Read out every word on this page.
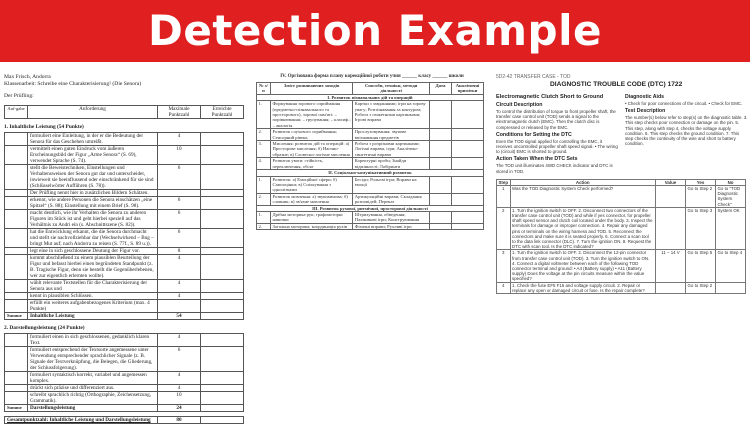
Detection Example
Max Frisch, Andorra
Klassenarbeit: Schreibe eine Charakterisierung! (Die Senora)
Der Prüfling:
Auf-gabe	Anforderung	Maximale Punktzahl	Erreichte Punktzahl
1. Inhaltliche Leistung (54 Punkte)
	formuliert eine Einleitung, in der er die Bedeutung der Senora für das Geschehen umreißt.	4	
	vermittelt einen guten Eindruck vom äußeren Erscheinungsbild der Figur „Arme Senora“ (S. 69), verwendet Sprache (S. 74).	10	
	stellt die Beweistechniken, Einstellungen und Verhaltensweisen der Senora gut dar und unterscheidet, inwieweit sie beeinflussend oder einschränkend für sie sind (Schlüsselwörter Aufführen (S. 78)).	6	
	Der Prüfling nennt hier in zusätzlichen Bildern Schätzen.		
	erkennt, wie andere Personen die Senora einschätzen „eine Spitzel“ (S. 88); Einstellung mit einem Brief (S. 98).	6	
	macht deutlich, wie ihr Verhalten die Senora zu anderen Figuren im Stück ist und geht hierbei speziell auf das Verhältnis zu Andri ein (s. Abschnittszene (S. 82)).	6	
	hat die Entwicklung erkannt, die die Senora durchmacht und stellt sie nachvollziehbar dar (Wechselwirkend – Bug – bringt Mut auf; nach Andorra zu reisen (S. 77f., S. 89 u.)).	6	
	legt eine in sich geschlossene Deutung der Figur vor.	8	
	kommt abschließend zu einem plausiblen Beurteilung der Figur und befasst hierbei einen begründeten Standpunkt (z. B. Tragische Figur, denn sie bestellt die Gegenüberlebenen, wer zur eigentlich erlernten wollte).	4	
	wählt relevante Textstellen für die Charakterisierung der Senora aus und	4	
	kennt in plausiblen Schlüssen.	4	
	erfüllt ein weiteres aufgabenbezogenes Kriterium (max. 4 Punkte)		
Summe	Inhaltliche Leistung	54	
2. Darstellungsleistung (24 Punkte)
	formuliert einen in sich geschlossenen, gedanklich klaren Text.	4	
	formuliert entsprechend der Textsorte angemessene unter Verwendung entsprechender sprachlicher Signale (z. B. Signale der Textverknüpfung, die Belegen, die Gliederung, der Schlussfolgerung).	6	
	formuliert syntaktisch korrekt, variabel und angemessen komplex.	4	
	drückt sich präzise und differenziert aus.	4	
	schreibt sprachlich richtig (Orthographie, Zeichensetzung, Grammatik).	10	
Summe	Darstellungsleistung	24	
Gesamtpunktzahl: Inhaltliche Leistung und Darstellungsleistung	80	
IV. Оргiзована форма плану корекційної роботи учня ______ класу ______ школи
№ з/п	Зміст розвиваючих заходів	Способи, техніки, методи діяльності	Дата	Аналітичні примітки
І. Розвиток пізнавальних дiй та операцiй				
1.	Формування зорового сприймання (предметно-пізнавального та просторового), зорової пам'яті: – порівнювання; – групування; – класиф.; – аналогія	Картки з завданнями; ігри на зорову увагу; Розпізнавання за контуром; Робота з сюжетними картинками; Ігрові вправи		
2.	Розвиток слухового сприймання; Сенсорний рівень	Прослуховування; звукове впізнавання предметів		
3.	Мислення: розвиток дій та операцій: а) Просторове мислення; б) Наочно-образне; в) Словесно-логічне мислення	Робота з розрізними картинками; Логічні вправи, ігри; Аналітико-синтетичні вправи		
4.	Розвиток уваги: стійкість, переключення, обсяг	Коректурні проби; Знайди відмінності; Лабіринти		
ІІ. Соціально-комунікативний розвиток				
1.	Розвиток: а) Емоційної сфери; б) Самооцінки; в) Спілкування з однолітками	Бесіди; Рольові ігри; Вправи на емоції		
2.	Розвиток мовлення: а) звуковимова; б) словник; в) зв'язне мовлення	Артикуляційні вправи; Складання розповідей; Переказ		
ІІІ. Розвиток рухової, ритмічної, просторової діяльності				
1.	Дрібна моторика рук; графомоторні навички	Штрихування, обведення; Пальчикові ігри; Конструювання		
2.	Загальна моторика; координація рухів	Фізичні вправи; Рухливі ігри		
5D2-42 TRANSFER CASE - TOD
DIAGNOSTIC TROUBLE CODE (DTC) 1722
Electromagnetic Clutch Short to Ground
Circuit Description
To control the distribution of torque to front propeller shaft, the transfer case control unit (TOD) sends a signal to the electromagnetic clutch (EMC). Then the clutch disc is compressed or released by the EMC.
Conditions for Setting the DTC
Even the TOD signal applied for controlling the EMC, it receives uncontrolled propeller shaft speed signal. • The wiring to (circuit) EMC is shorted to ground.
Action Taken When the DTC Sets
The TOD unit illuminates 4WD CHECK indicator and DTC is stored in TOD.
Diagnostic Aids
• Check for poor connections of the circuit. • Check for EMC.
Test Description
The number(s) below refer to step(s) on the diagnostic table. 3. This step checks poor connection or damage on the pin. 5. This step, along with step 4, checks the voltage supply condition. 6. This step checks the ground condition. 7. This step checks the continuity of the wire and short to battery condition.
Step	Action	Value	Yes	No
1	Was the TOD Diagnostic System Check performed?		Go to Step 2	Go to "TOD Diagnostic System Check"
2	1. Turn the ignition switch to OFF. 2. Disconnect two connectors of the transfer case control unit (TOD) and while if yes connector, for propeller shaft speed sensor and clutch coil located under the body. 3. Inspect the terminals for damage or improper connection. 4. Repair any damaged pins or terminals on the wiring harness and TOD. 5. Reconnect the connectors and make sure it is seated properly. 6. Connect a scan tool to the data link connector (DLC). 7. Turn the ignition ON. 8. Request the DTC with scan tool. Is the DTC indicated?		Go to Step 3	System OK
3	1. Turn the ignition switch to OFF. 2. Disconnect the 12-pin connector from transfer case control unit (TOD). 3. Turn the ignition switch to ON. 4. Connect a digital voltmeter between each of the following TOD connector terminal and ground: • A4 (Battery supply) • A11 (Battery supply) Does the voltage at the pin circuits measure within the value specified?	11 – 14 V	Go to Step 5	Go to Step 4
4	1. Check the fuse EF5 F16 and voltage supply circuit. 2. Repair or replace any open or damaged circuit or fuse. Is the repair complete?		Go to Step 2	
